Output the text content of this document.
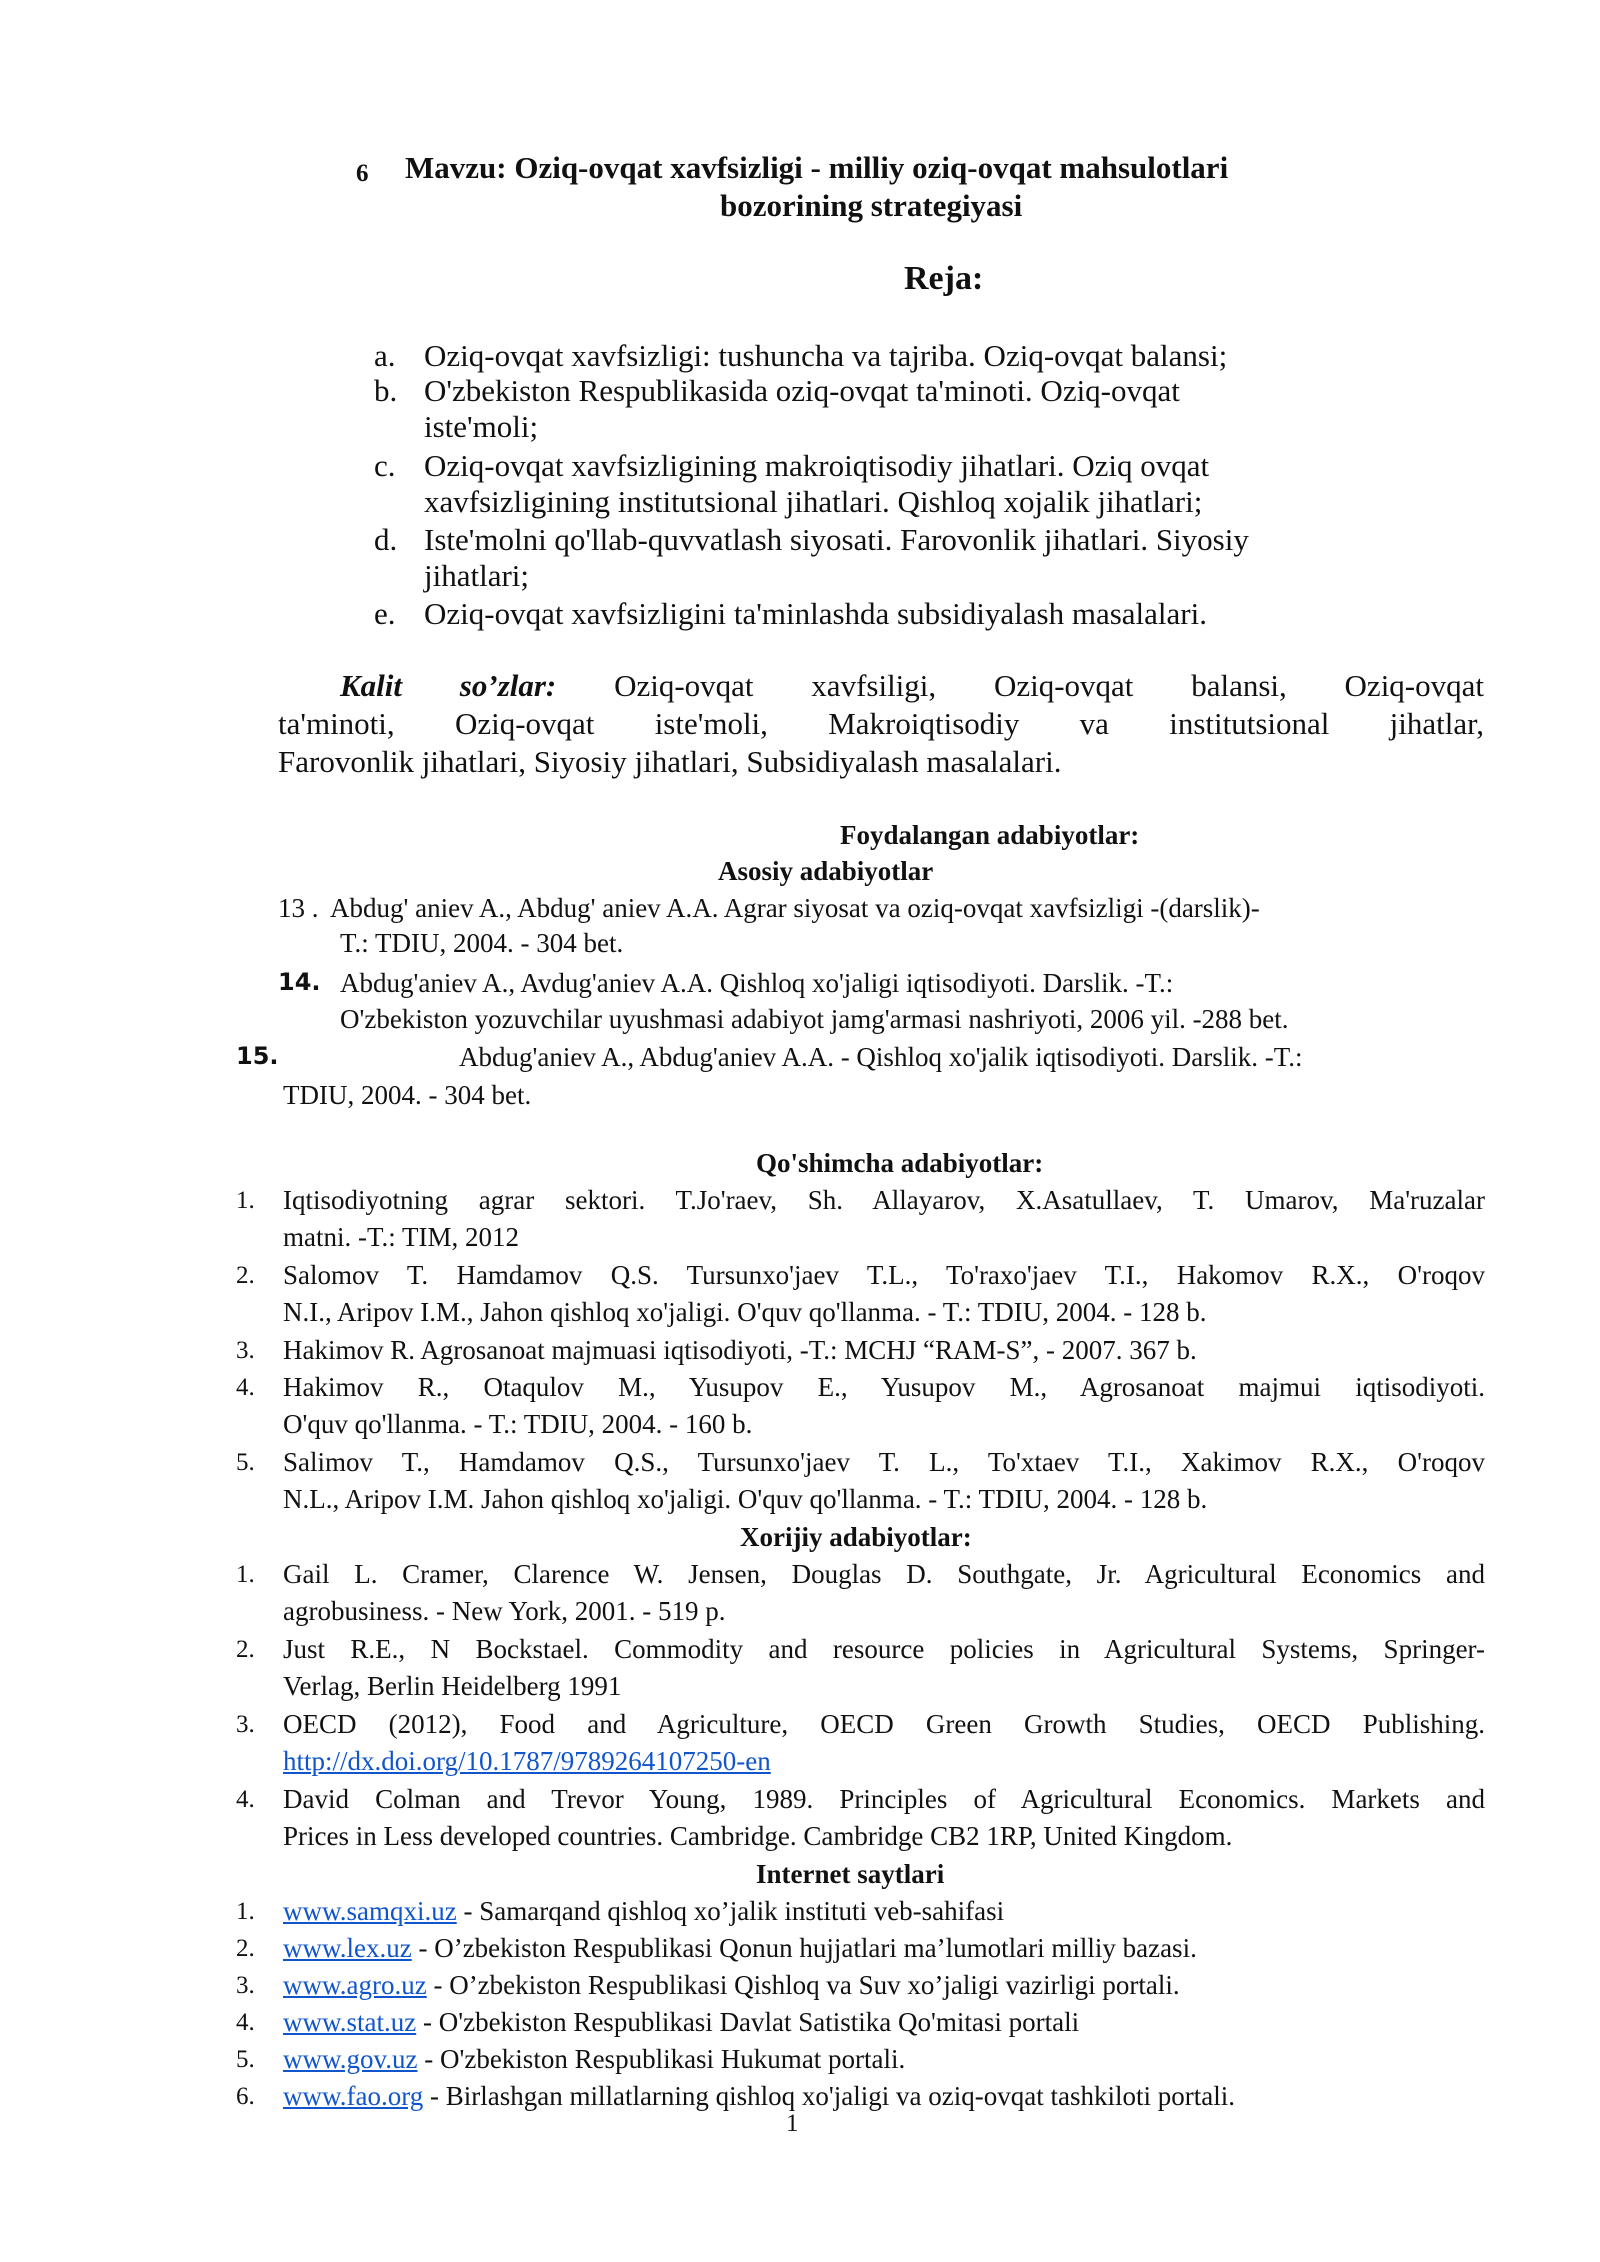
6 Mavzu: Oziq-ovqat xavfsizligi - milliy oziq-ovqat mahsulotlari
bozorining strategiyasi
Reja:
a. Oziq-ovqat xavfsizligi: tushuncha va tajriba. Oziq-ovqat balansi;
b. O'zbekiston Respublikasida oziq-ovqat ta'minoti. Oziq-ovqat
iste'moli;
c. Oziq-ovqat xavfsizligining makroiqtisodiy jihatlari. Oziq ovqat
xavfsizligining institutsional jihatlari. Qishloq xojalik jihatlari;
d. Iste'molni qo'llab-quvvatlash siyosati. Farovonlik jihatlari. Siyosiy
jihatlari;
e. Oziq-ovqat xavfsizligini ta'minlashda subsidiyalash masalalari.
Kalit so’zlar: Oziq-ovqat xavfsiligi, Oziq-ovqat balansi, Oziq-ovqat
ta'minoti, Oziq-ovqat iste'moli, Makroiqtisodiy va institutsional jihatlar,
Farovonlik jihatlari, Siyosiy jihatlari, Subsidiyalash masalalari.
Foydalangan adabiyotlar:
Asosiy adabiyotlar
13 . Abdug' aniev A., Abdug' aniev A.A. Agrar siyosat va oziq-ovqat xavfsizligi -(darslik)-
T.: TDIU, 2004. - 304 bet.
14. Abdug'aniev A., Avdug'aniev A.A. Qishloq xo'jaligi iqtisodiyoti. Darslik. -T.:
O'zbekiston yozuvchilar uyushmasi adabiyot jamg'armasi nashriyoti, 2006 yil. -288 bet.
15.	Abdug'aniev A., Abdug'aniev A.A. - Qishloq xo'jalik iqtisodiyoti. Darslik. -T.:
TDIU, 2004. - 304 bet.
Qo'shimcha adabiyotlar:
1. Iqtisodiyotning agrar sektori. T.Jo'raev, Sh. Allayarov, X.Asatullaev, T. Umarov, Ma'ruzalar
matni. -T.: TIM, 2012
2. Salomov T. Hamdamov Q.S. Tursunxo'jaev T.L., To'raxo'jaev T.I., Hakomov R.X., O'roqov
N.I., Aripov I.M., Jahon qishloq xo'jaligi. O'quv qo'llanma. - T.: TDIU, 2004. - 128 b.
3. Hakimov R. Agrosanoat majmuasi iqtisodiyoti, -T.: MCHJ “RAM-S”, - 2007. 367 b.
4. Hakimov R., Otaqulov M., Yusupov E., Yusupov M., Agrosanoat majmui iqtisodiyoti.
O'quv qo'llanma. - T.: TDIU, 2004. - 160 b.
5. Salimov T., Hamdamov Q.S., Tursunxo'jaev T. L., To'xtaev T.I., Xakimov R.X., O'roqov
N.L., Aripov I.M. Jahon qishloq xo'jaligi. O'quv qo'llanma. - T.: TDIU, 2004. - 128 b.
Xorijiy adabiyotlar:
1. Gail L. Cramer, Clarence W. Jensen, Douglas D. Southgate, Jr. Agricultural Economics and
agrobusiness. - New York, 2001. - 519 p.
2. Just R.E., N Bockstael. Commodity and resource policies in Agricultural Systems, Springer-
Verlag, Berlin Heidelberg 1991
3. OECD (2012), Food and Agriculture, OECD Green Growth Studies, OECD Publishing.
http://dx.doi.org/10.1787/9789264107250-en
4. David Colman and Trevor Young, 1989. Principles of Agricultural Economics. Markets and
Prices in Less developed countries. Cambridge. Cambridge CB2 1RP, United Kingdom.
Internet saytlari
1. www.samqxi.uz - Samarqand qishloq xo’jalik instituti veb-sahifasi
2. www.lex.uz - O’zbekiston Respublikasi Qonun hujjatlari ma’lumotlari milliy bazasi.
3. www.agro.uz - O’zbekiston Respublikasi Qishloq va Suv xo’jaligi vazirligi portali.
4. www.stat.uz - O'zbekiston Respublikasi Davlat Satistika Qo'mitasi portali
5. www.gov.uz - O'zbekiston Respublikasi Hukumat portali.
6. www.fao.org - Birlashgan millatlarning qishloq xo'jaligi va oziq-ovqat tashkiloti portali.
1
